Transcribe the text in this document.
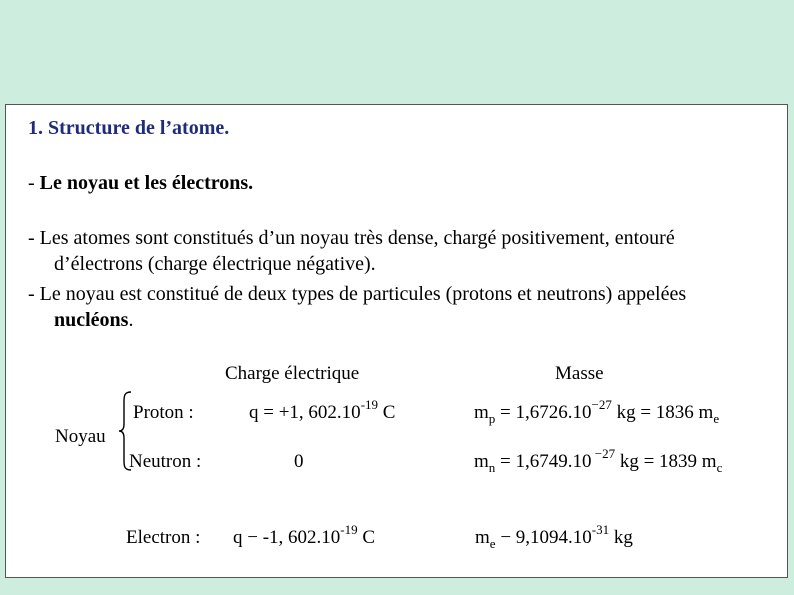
1. Structure de l’atome.
- Le noyau et les électrons.
- Les atomes sont constitués d’un noyau très dense, chargé positivement, entouré
d’électrons (charge électrique négative).
- Le noyau est constitué de deux types de particules (protons et neutrons) appelées
nucléons.
Charge électrique	Masse
Noyau
Proton :	q = +1, $602.10^{-19}$ C	$m_p = 1,6726.10^{-27}$ kg = 1836 $m_e$
Neutron :	0	$m_n = 1,6749.10$ $^{-27}$ kg = 1839 $m_c$
Electron : q − -1, $602.10^{-19}$ C	$m_e - 9,1094.10^{-31}$ kg
